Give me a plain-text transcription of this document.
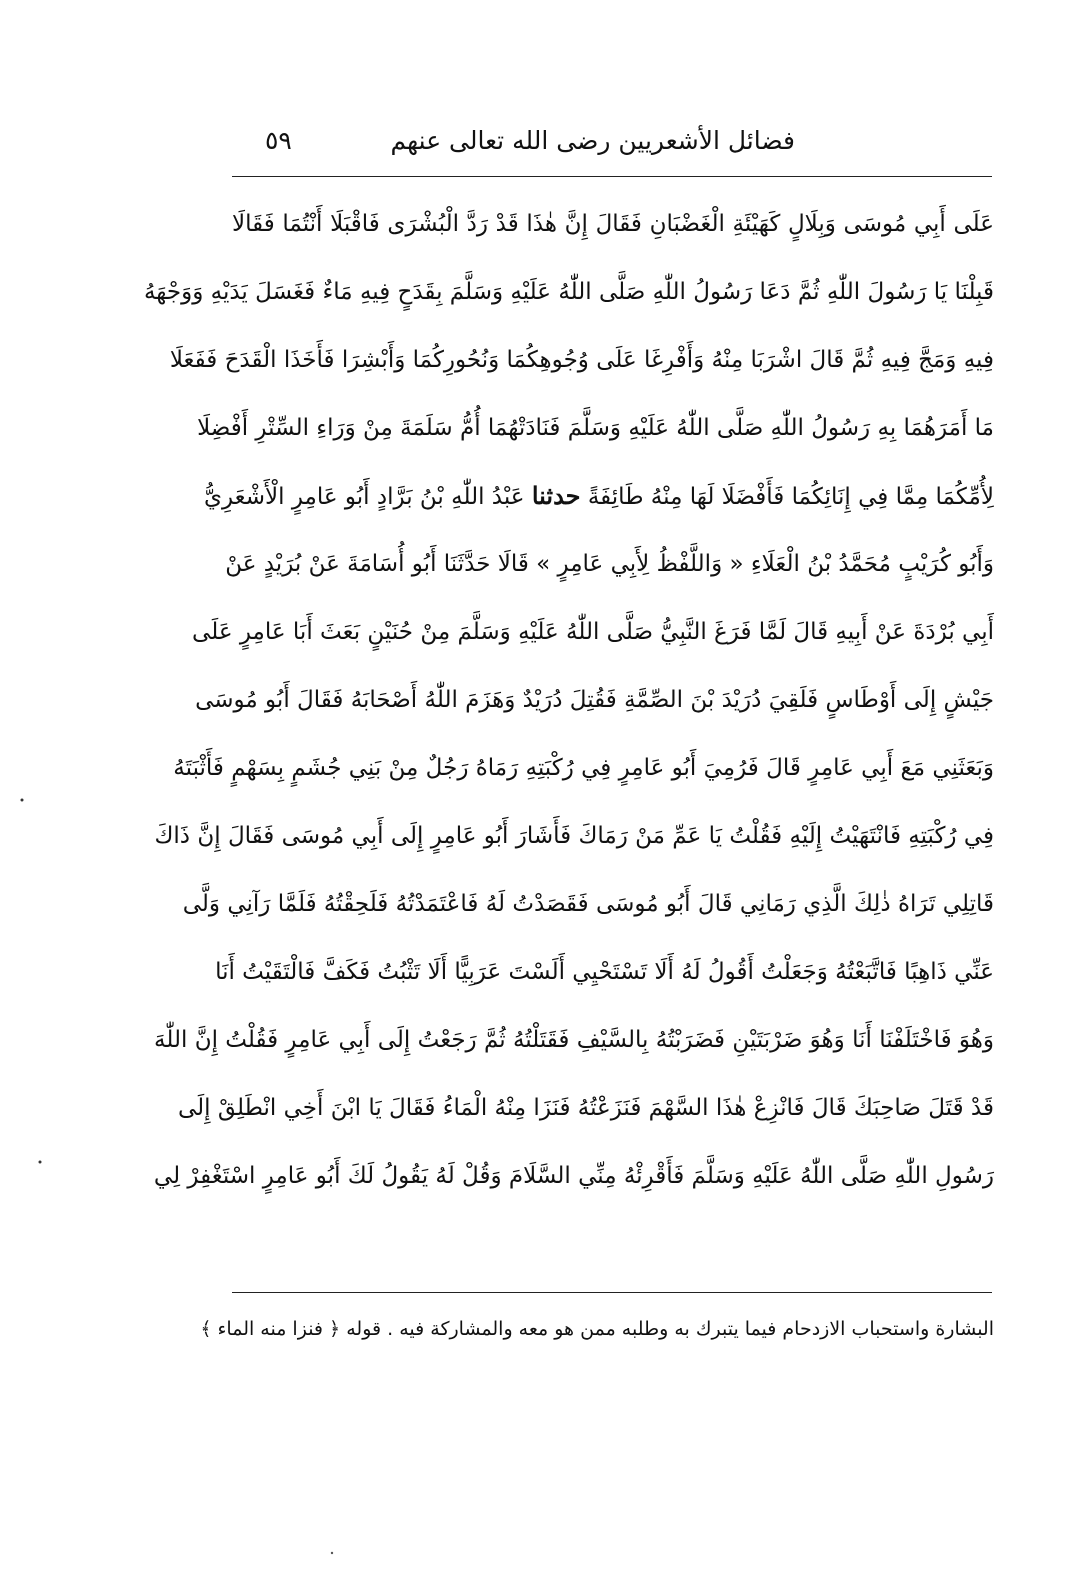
فضائل الأشعريين رضى الله تعالى عنهم
٥٩
عَلَى أَبِي مُوسَى وَبِلَالٍ كَهَيْئَةِ الْغَضْبَانِ فَقَالَ إِنَّ هٰذَا قَدْ رَدَّ الْبُشْرَى فَاقْبَلَا أَنْتُمَا فَقَالَا
قَبِلْنَا يَا رَسُولَ اللّٰهِ ثُمَّ دَعَا رَسُولُ اللّٰهِ صَلَّى اللّٰهُ عَلَيْهِ وَسَلَّمَ بِقَدَحٍ فِيهِ مَاءٌ فَغَسَلَ يَدَيْهِ وَوَجْهَهُ
فِيهِ وَمَجَّ فِيهِ ثُمَّ قَالَ اشْرَبَا مِنْهُ وَأَفْرِغَا عَلَى وُجُوهِكُمَا وَنُحُورِكُمَا وَأَبْشِرَا فَأَخَذَا الْقَدَحَ فَفَعَلَا
مَا أَمَرَهُمَا بِهِ رَسُولُ اللّٰهِ صَلَّى اللّٰهُ عَلَيْهِ وَسَلَّمَ فَنَادَتْهُمَا أُمُّ سَلَمَةَ مِنْ وَرَاءِ السِّتْرِ أَفْضِلَا
لِأُمِّكُمَا مِمَّا فِي إِنَائِكُمَا فَأَفْضَلَا لَهَا مِنْهُ طَائِفَةً حدثنا عَبْدُ اللّٰهِ بْنُ بَرَّادٍ أَبُو عَامِرٍ الْأَشْعَرِيُّ
وَأَبُو كُرَيْبٍ مُحَمَّدُ بْنُ الْعَلَاءِ « وَاللَّفْظُ لِأَبِي عَامِرٍ » قَالَا حَدَّثَنَا أَبُو أُسَامَةَ عَنْ بُرَيْدٍ عَنْ
أَبِي بُرْدَةَ عَنْ أَبِيهِ قَالَ لَمَّا فَرَغَ النَّبِيُّ صَلَّى اللّٰهُ عَلَيْهِ وَسَلَّمَ مِنْ حُنَيْنٍ بَعَثَ أَبَا عَامِرٍ عَلَى
جَيْشٍ إِلَى أَوْطَاسٍ فَلَقِيَ دُرَيْدَ بْنَ الصِّمَّةِ فَقُتِلَ دُرَيْدٌ وَهَزَمَ اللّٰهُ أَصْحَابَهُ فَقَالَ أَبُو مُوسَى
وَبَعَثَنِي مَعَ أَبِي عَامِرٍ قَالَ فَرُمِيَ أَبُو عَامِرٍ فِي رُكْبَتِهِ رَمَاهُ رَجُلٌ مِنْ بَنِي جُشَمٍ بِسَهْمٍ فَأَثْبَتَهُ
فِي رُكْبَتِهِ فَانْتَهَيْتُ إِلَيْهِ فَقُلْتُ يَا عَمِّ مَنْ رَمَاكَ فَأَشَارَ أَبُو عَامِرٍ إِلَى أَبِي مُوسَى فَقَالَ إِنَّ ذَاكَ
قَاتِلِي تَرَاهُ ذٰلِكَ الَّذِي رَمَانِي قَالَ أَبُو مُوسَى فَقَصَدْتُ لَهُ فَاعْتَمَدْتُهُ فَلَحِقْتُهُ فَلَمَّا رَآنِي وَلَّى
عَنِّي ذَاهِبًا فَاتَّبَعْتُهُ وَجَعَلْتُ أَقُولُ لَهُ أَلَا تَسْتَحْيِي أَلَسْتَ عَرَبِيًّا أَلَا تَثْبُتُ فَكَفَّ فَالْتَقَيْتُ أَنَا
وَهُوَ فَاخْتَلَفْنَا أَنَا وَهُوَ ضَرْبَتَيْنِ فَضَرَبْتُهُ بِالسَّيْفِ فَقَتَلْتُهُ ثُمَّ رَجَعْتُ إِلَى أَبِي عَامِرٍ فَقُلْتُ إِنَّ اللّٰهَ
قَدْ قَتَلَ صَاحِبَكَ قَالَ فَانْزِعْ هٰذَا السَّهْمَ فَنَزَعْتُهُ فَنَزَا مِنْهُ الْمَاءُ فَقَالَ يَا ابْنَ أَخِي انْطَلِقْ إِلَى
رَسُولِ اللّٰهِ صَلَّى اللّٰهُ عَلَيْهِ وَسَلَّمَ فَأَقْرِئْهُ مِنِّي السَّلَامَ وَقُلْ لَهُ يَقُولُ لَكَ أَبُو عَامِرٍ اسْتَغْفِرْ لِي
البشارة واستحباب الازدحام فيما يتبرك به وطلبه ممن هو معه والمشاركة فيه . قوله ﴿ فنزا منه الماء ﴾
